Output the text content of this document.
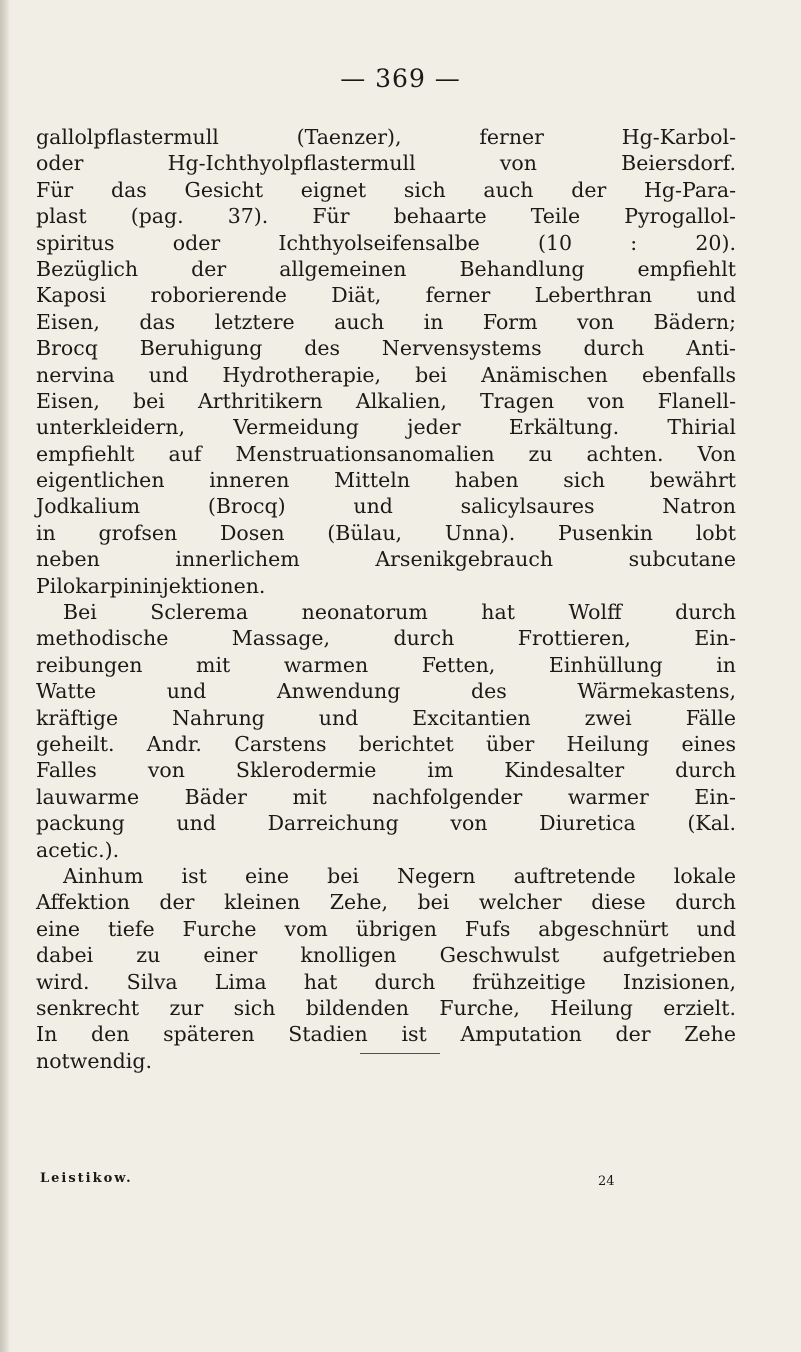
— 369 —
gallolpflastermull (Taenzer), ferner Hg-Karbol-
oder Hg-Ichthyolpflastermull von Beiersdorf.
Für das Gesicht eignet sich auch der Hg-Para-
plast (pag. 37). Für behaarte Teile Pyrogallol-
spiritus oder Ichthyolseifensalbe (10 : 20).
Bezüglich der allgemeinen Behandlung empfiehlt
Kaposi roborierende Diät, ferner Leberthran und
Eisen, das letztere auch in Form von Bädern;
Brocq Beruhigung des Nervensystems durch Anti-
nervina und Hydrotherapie, bei Anämischen ebenfalls
Eisen, bei Arthritikern Alkalien, Tragen von Flanell-
unterkleidern, Vermeidung jeder Erkältung. Thirial
empfiehlt auf Menstruationsanomalien zu achten. Von
eigentlichen inneren Mitteln haben sich bewährt
Jodkalium (Brocq) und salicylsaures Natron
in grofsen Dosen (Bülau, Unna). Pusenkin lobt
neben innerlichem Arsenikgebrauch subcutane
Pilokarpininjektionen.
Bei Sclerema neonatorum hat Wolff durch
methodische Massage, durch Frottieren, Ein-
reibungen mit warmen Fetten, Einhüllung in
Watte und Anwendung des Wärmekastens,
kräftige Nahrung und Excitantien zwei Fälle
geheilt. Andr. Carstens berichtet über Heilung eines
Falles von Sklerodermie im Kindesalter durch
lauwarme Bäder mit nachfolgender warmer Ein-
packung und Darreichung von Diuretica (Kal.
acetic.).
Ainhum ist eine bei Negern auftretende lokale
Affektion der kleinen Zehe, bei welcher diese durch
eine tiefe Furche vom übrigen Fufs abgeschnürt und
dabei zu einer knolligen Geschwulst aufgetrieben
wird. Silva Lima hat durch frühzeitige Inzisionen,
senkrecht zur sich bildenden Furche, Heilung erzielt.
In den späteren Stadien ist Amputation der Zehe
notwendig.
Leistikow.	24
